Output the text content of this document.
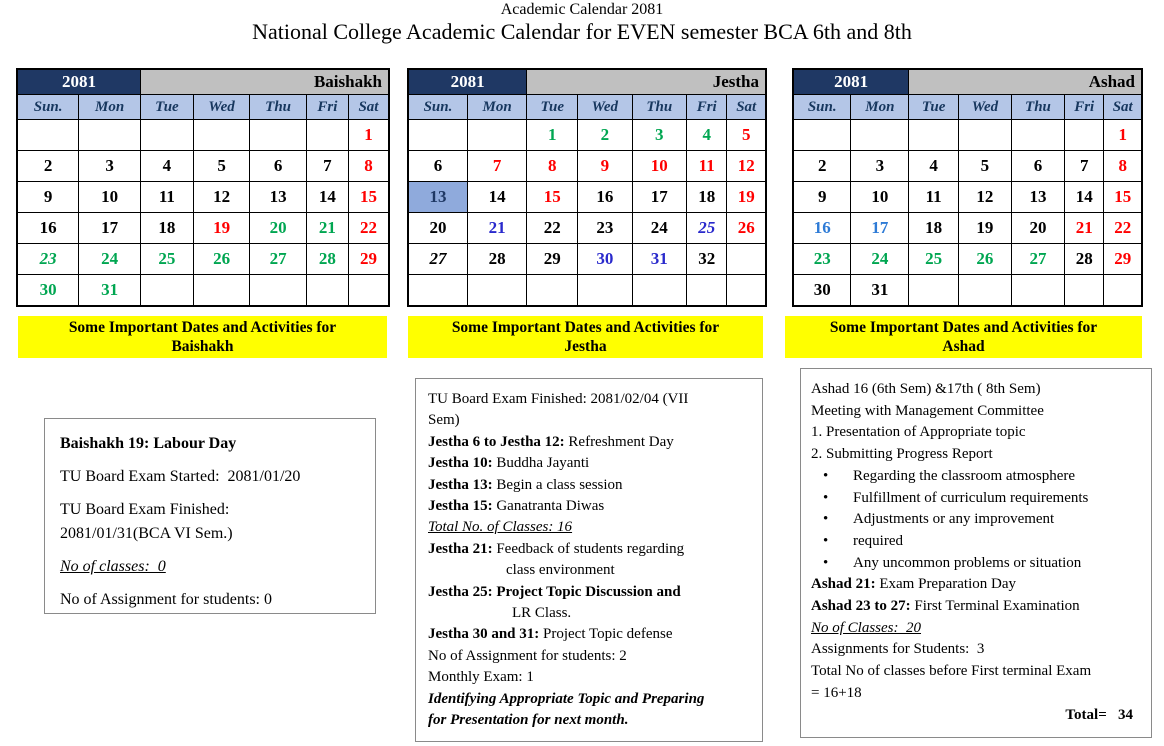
Academic Calendar 2081
National College Academic Calendar for EVEN semester BCA 6th and 8th
2081		Baishakh				
Sun.	Mon	Tue	Wed	Thu	Fri	Sat
						1
2	3	4	5	6	7	8
9	10	11	12	13	14	15
16	17	18	19	20	21	22
23	24	25	26	27	28	29
30	31					
2081		Jestha				
Sun.	Mon	Tue	Wed	Thu	Fri	Sat
		1	2	3	4	5
6	7	8	9	10	11	12
13	14	15	16	17	18	19
20	21	22	23	24	25	26
27	28	29	30	31	32	

2081		Ashad				
Sun.	Mon	Tue	Wed	Thu	Fri	Sat
						1
2	3	4	5	6	7	8
9	10	11	12	13	14	15
16	17	18	19	20	21	22
23	24	25	26	27	28	29
30	31					
Some Important Dates and Activities for
Baishakh
Some Important Dates and Activities for
Jestha
Some Important Dates and Activities for
Ashad
Baishakh 19: Labour Day
TU Board Exam Started:  2081/01/20
TU Board Exam Finished:
2081/01/31(BCA VI Sem.)
No of classes:  0
No of Assignment for students: 0
TU Board Exam Finished: 2081/02/04 (VII
Sem)
Jestha 6 to Jestha 12: Refreshment Day
Jestha 10: Buddha Jayanti
Jestha 13: Begin a class session
Jestha 15: Ganatranta Diwas
Total No. of Classes: 16
Jestha 21: Feedback of students regarding
class environment
Jestha 25: Project Topic Discussion and
LR Class.
Jestha 30 and 31: Project Topic defense
No of Assignment for students: 2
Monthly Exam: 1
Identifying Appropriate Topic and Preparing
for Presentation for next month.
Ashad 16 (6th Sem) &17th ( 8th Sem)
Meeting with Management Committee
1. Presentation of Appropriate topic
2. Submitting Progress Report
• Regarding the classroom atmosphere
• Fulfillment of curriculum requirements
• Adjustments or any improvement
• required
• Any uncommon problems or situation
Ashad 21: Exam Preparation Day
Ashad 23 to 27: First Terminal Examination
No of Classes:  20
Assignments for Students:  3
Total No of classes before First terminal Exam
= 16+18
Total=   34
